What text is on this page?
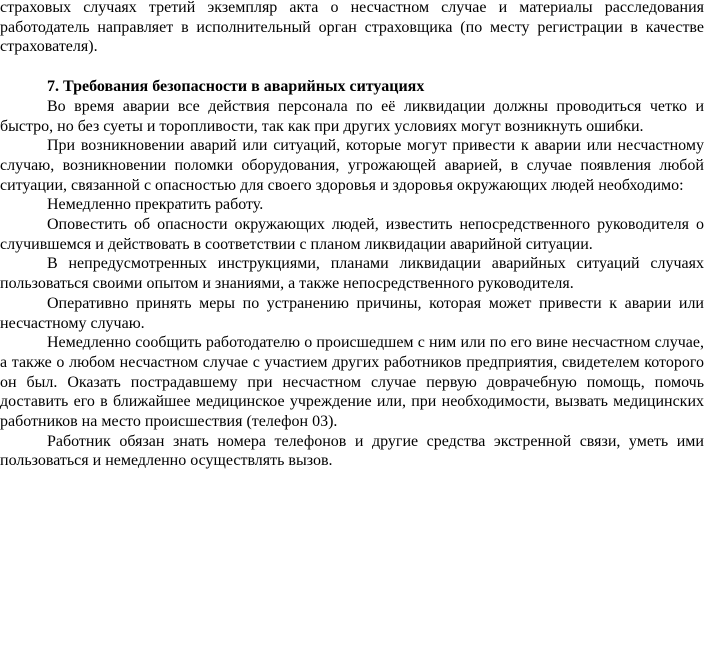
страховых случаях третий экземпляр акта о несчастном случае и материалы расследования работодатель направляет в исполнительный орган страховщика (по месту регистрации в качестве страхователя).

7. Требования безопасности в аварийных ситуациях

Во время аварии все действия персонала по её ликвидации должны проводиться четко и быстро, но без суеты и торопливости, так как при других условиях могут возникнуть ошибки.

При возникновении аварий или ситуаций, которые могут привести к аварии или несчастному случаю, возникновении поломки оборудования, угрожающей аварией, в случае появления любой ситуации, связанной с опасностью для своего здоровья и здоровья окружающих людей необходимо:

Немедленно прекратить работу.

Оповестить об опасности окружающих людей, известить непосредственного руководителя о случившемся и действовать в соответствии с планом ликвидации аварийной ситуации.

В непредусмотренных инструкциями, планами ликвидации аварийных ситуаций случаях пользоваться своими опытом и знаниями, а также непосредственного руководителя.

Оперативно принять меры по устранению причины, которая может привести к аварии или несчастному случаю.

Немедленно сообщить работодателю о происшедшем с ним или по его вине несчастном случае, а также о любом несчастном случае с участием других работников предприятия, свидетелем которого он был. Оказать пострадавшему при несчастном случае первую доврачебную помощь, помочь доставить его в ближайшее медицинское учреждение или, при необходимости, вызвать медицинских работников на место происшествия (телефон 03).

Работник обязан знать номера телефонов и другие средства экстренной связи, уметь ими пользоваться и немедленно осуществлять вызов.
